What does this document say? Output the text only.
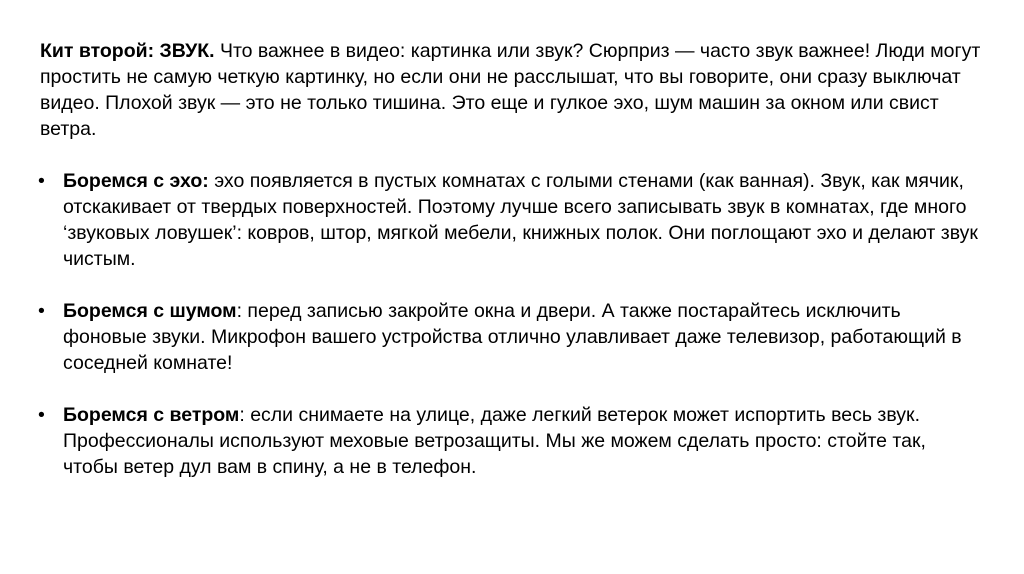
Кит второй: ЗВУК. Что важнее в видео: картинка или звук? Сюрприз — часто звук важнее! Люди могут простить не самую четкую картинку, но если они не расслышат, что вы говорите, они сразу выключат видео. Плохой звук — это не только тишина. Это еще и гулкое эхо, шум машин за окном или свист ветра.

• Боремся с эхо: эхо появляется в пустых комнатах с голыми стенами (как ванная). Звук, как мячик, отскакивает от твердых поверхностей. Поэтому лучше всего записывать звук в комнатах, где много ‘звуковых ловушек’: ковров, штор, мягкой мебели, книжных полок. Они поглощают эхо и делают звук чистым.
• Боремся с шумом: перед записью закройте окна и двери. А также постарайтесь исключить фоновые звуки. Микрофон вашего устройства отлично улавливает даже телевизор, работающий в соседней комнате!
• Боремся с ветром: если снимаете на улице, даже легкий ветерок может испортить весь звук. Профессионалы используют меховые ветрозащиты. Мы же можем сделать просто: стойте так, чтобы ветер дул вам в спину, а не в телефон.
